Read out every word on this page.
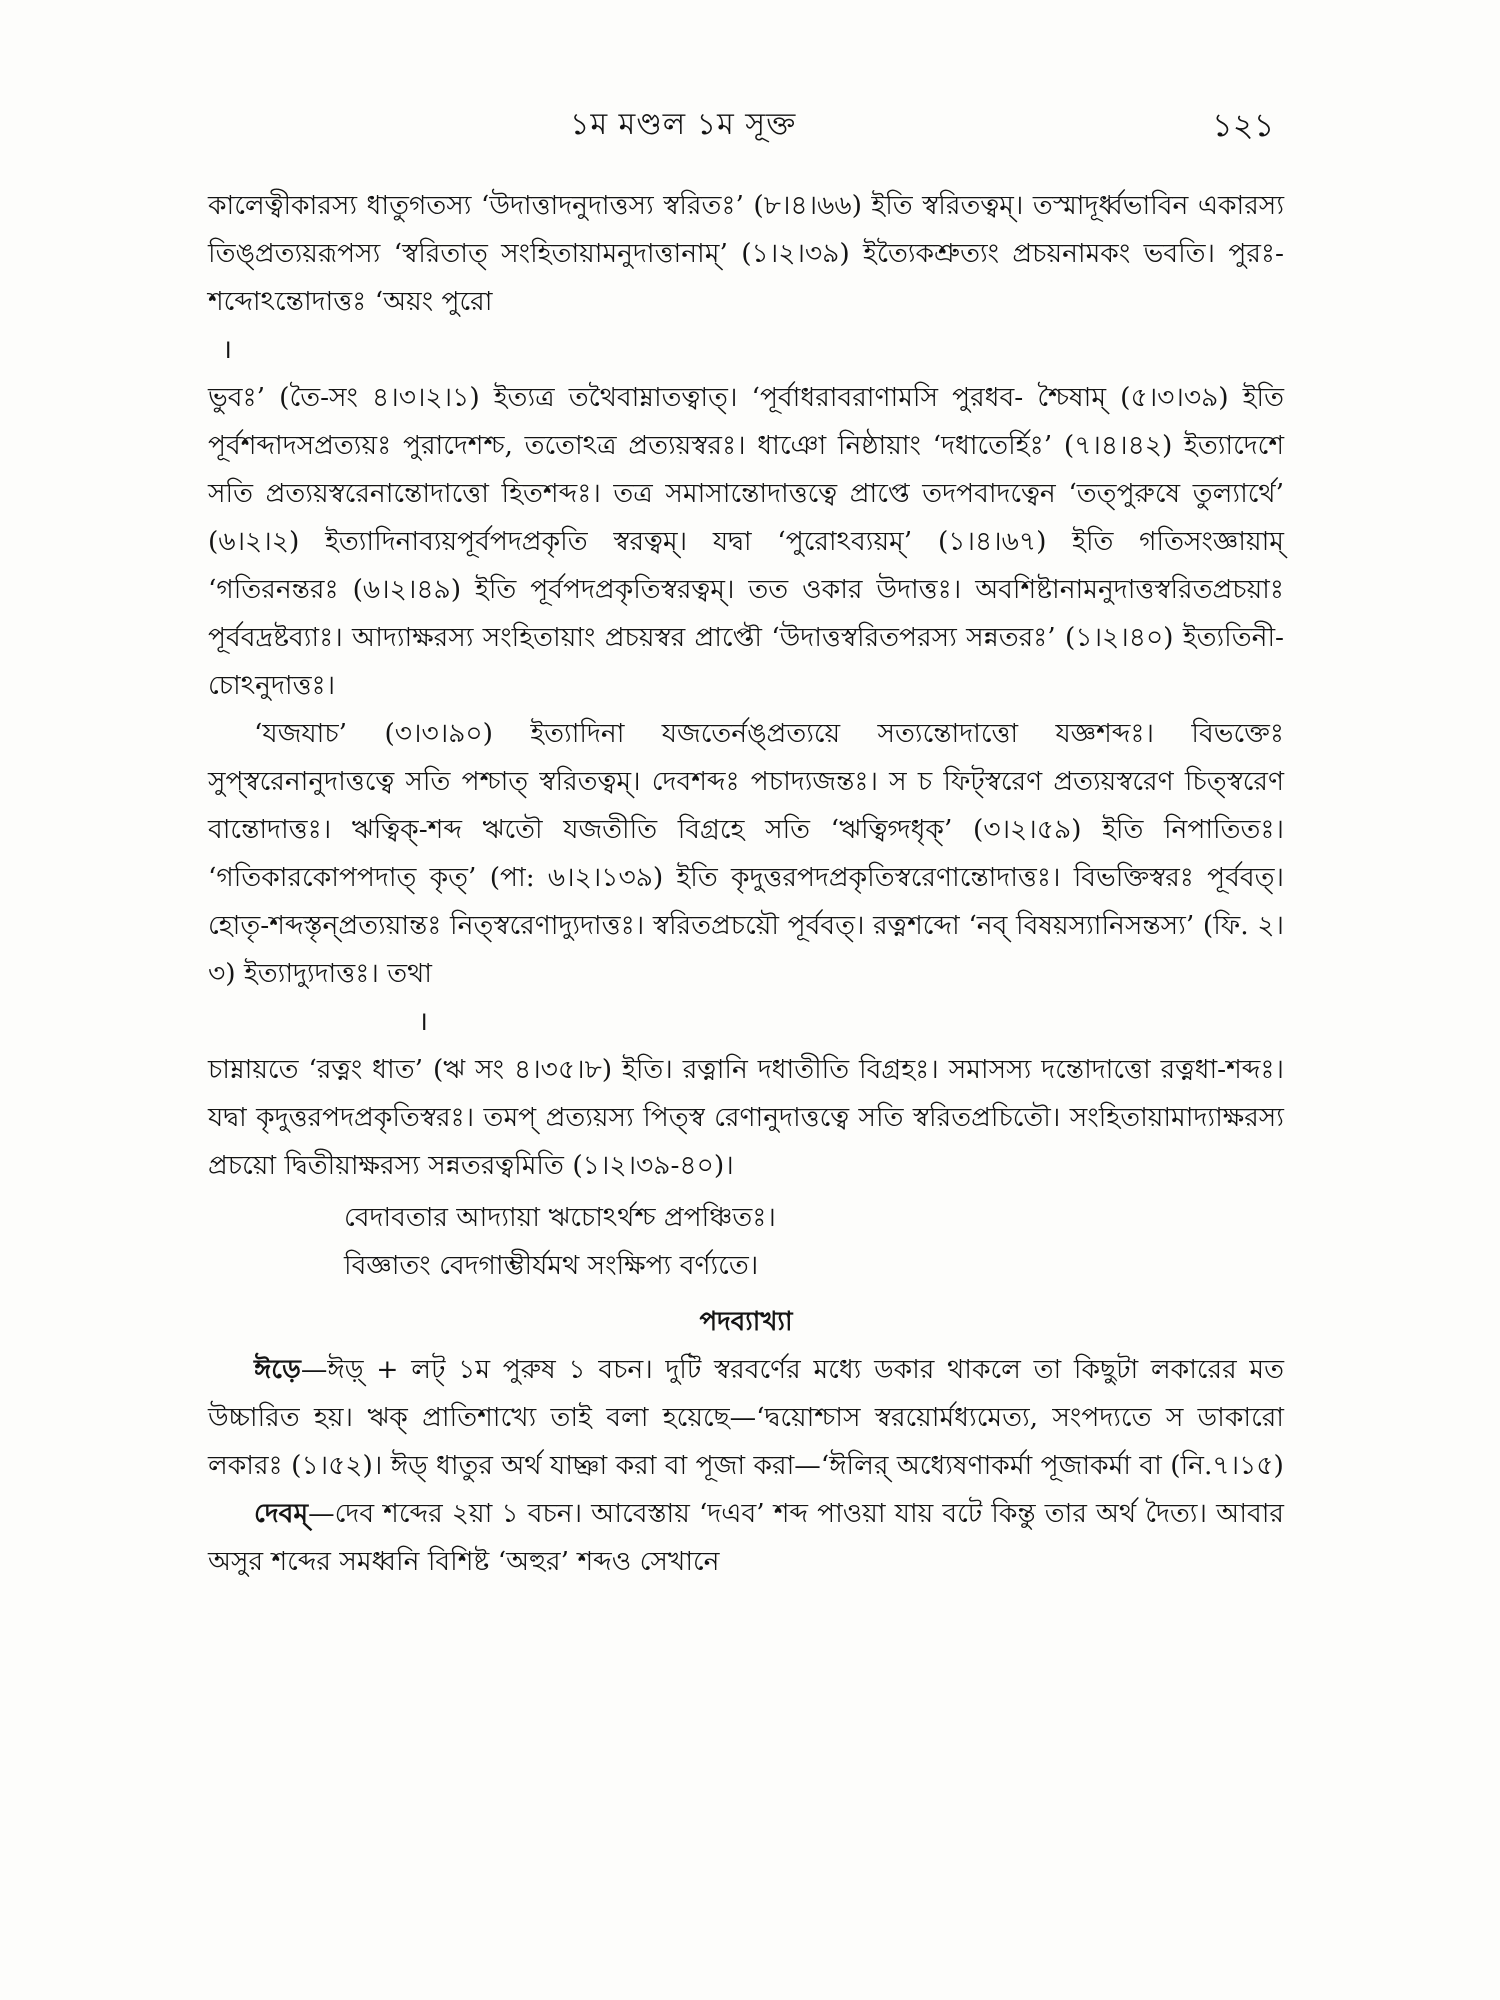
১ম মণ্ডল ১ম সূক্ত	১২১

কালেত্বীকারস্য ধাতুগতস্য ‘উদাত্তাদনুদাত্তস্য স্বরিতঃ’ (৮।৪।৬৬) ইতি স্বরিতত্বম্। তস্মাদূর্ধ্বভাবিন একারস্য তিঙ্প্রত্যয়রূপস্য ‘স্বরিতাত্ সংহিতায়ামনুদাত্তানাম্’ (১।২।৩৯) ইত্যৈকশ্রুত্যং প্রচয়নামকং ভবতি। পুরঃ-শব্দোঽন্তোদাত্তঃ ‘অয়ং পুরো

।

ভুবঃ’ (তৈ-সং ৪।৩।২।১) ইত্যত্র তথৈবাম্নাতত্বাত্। ‘পূর্বাধরাবরাণামসি পুরধব- শ্চৈষাম্ (৫।৩।৩৯) ইতি পূর্বশব্দাদসপ্রত্যয়ঃ পুরাদেশশ্চ, ততোঽত্র প্রত্যয়স্বরঃ। ধাঞো নিষ্ঠায়াং ‘দধাতের্হিঃ’ (৭।৪।৪২) ইত্যাদেশে সতি প্রত্যয়স্বরেনান্তোদাত্তো হিতশব্দঃ। তত্র সমাসান্তোদাত্তত্বে প্রাপ্তে তদপবাদত্বেন ‘তত্পুরুষে তুল্যার্থে’ (৬।২।২) ইত্যাদিনাব্যয়পূর্বপদপ্রকৃতি স্বরত্বম্। যদ্বা ‘পুরোঽব্যয়ম্’ (১।৪।৬৭) ইতি গতিসংজ্ঞায়াম্ ‘গতিরনন্তরঃ (৬।২।৪৯) ইতি পূর্বপদপ্রকৃতিস্বরত্বম্। তত ওকার উদাত্তঃ। অবশিষ্টানামনুদাত্তস্বরিতপ্রচয়াঃ পূর্ববদ্রষ্টব্যাঃ। আদ্যাক্ষরস্য সংহিতায়াং প্রচয়স্বর প্রাপ্তৌ ‘উদাত্তস্বরিতপরস্য সন্নতরঃ’ (১।২।৪০) ইত্যতিনী- চোঽনুদাত্তঃ।

‘যজযাচ’ (৩।৩।৯০) ইত্যাদিনা যজতের্নঙ্প্রত্যয়ে সত্যন্তোদাত্তো যজ্ঞশব্দঃ। বিভক্তেঃ সুপ্স্বরেনানুদাত্তত্বে সতি পশ্চাত্ স্বরিতত্বম্। দেবশব্দঃ পচাদ্যজন্তঃ। স চ ফিট্স্বরেণ প্রত্যয়স্বরেণ চিত্স্বরেণ বান্তোদাত্তঃ। ঋত্বিক্-শব্দ ঋতৌ যজতীতি বিগ্রহে সতি ‘ঋত্বিগ্দধৃক্’ (৩।২।৫৯) ইতি নিপাতিতঃ। ‘গতিকারকোপপদাত্ কৃত্’ (পা: ৬।২।১৩৯) ইতি কৃদুত্তরপদপ্রকৃতিস্বরেণান্তোদাত্তঃ। বিভক্তিস্বরঃ পূর্ববত্। হোতৃ-শব্দস্তৃন্প্রত্যয়ান্তঃ নিত্স্বরেণাদ্যুদাত্তঃ। স্বরিতপ্রচয়ৌ পূর্ববত্। রত্নশব্দো ‘নব্ বিষয়স্যানিসন্তস্য’ (ফি. ২।৩) ইত্যাদ্যুদাত্তঃ। তথা

।

চাম্নায়তে ‘রত্নং ধাত’ (ঋ সং ৪।৩৫।৮) ইতি। রত্নানি দধাতীতি বিগ্রহঃ। সমাসস্য দন্তোদাত্তো রত্নধা-শব্দঃ। যদ্বা কৃদুত্তরপদপ্রকৃতিস্বরঃ। তমপ্ প্রত্যয়স্য পিত্স্ব রেণানুদাত্তত্বে সতি স্বরিতপ্রচিতৌ। সংহিতায়ামাদ্যাক্ষরস্য প্রচয়ো দ্বিতীয়াক্ষরস্য সন্নতরত্বমিতি (১।২।৩৯-৪০)।

বেদাবতার আদ্যায়া ঋচোঽর্থশ্চ প্রপঞ্চিতঃ।
বিজ্ঞাতং বেদগাম্ভীর্যমথ সংক্ষিপ্য বর্ণ্যতে।
পদব্যাখ্যা

ঈড়ে—ঈড়্ + লট্ ১ম পুরুষ ১ বচন। দুটি স্বরবর্ণের মধ্যে ডকার থাকলে তা কিছুটা লকারের মত উচ্চারিত হয়। ঋক্ প্রাতিশাখ্যে তাই বলা হয়েছে—‘দ্বয়োশ্চাস স্বরয়োর্মধ্যমেত্য, সংপদ্যতে স ডাকারো লকারঃ (১।৫২)। ঈড্ ধাতুর অর্থ যাচ্ঞা করা বা পূজা করা—‘ঈলির্ অধ্যেষণাকর্মা পূজাকর্মা বা (নি.৭।১৫)

দেবম্—দেব শব্দের ২য়া ১ বচন। আবেস্তায় ‘দএব’ শব্দ পাওয়া যায় বটে কিন্তু তার অর্থ দৈত্য। আবার অসুর শব্দের সমধ্বনি বিশিষ্ট ‘অহুর’ শব্দও সেখানে
